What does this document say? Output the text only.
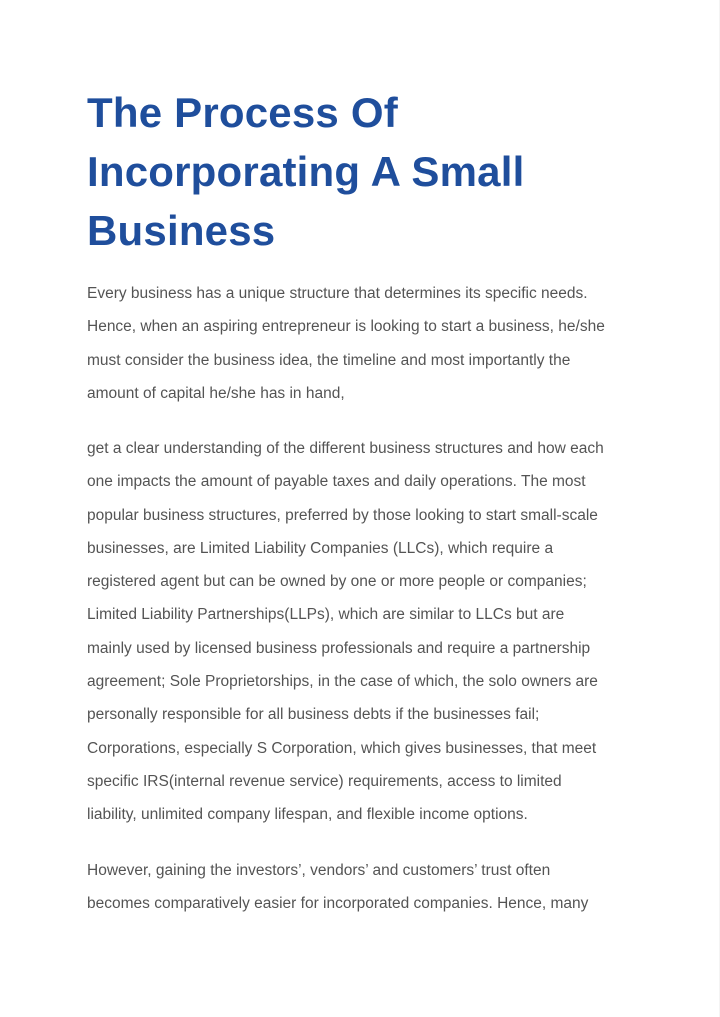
The Process Of
Incorporating A Small
Business

Every business has a unique structure that determines its specific needs.
Hence, when an aspiring entrepreneur is looking to start a business, he/she
must consider the business idea, the timeline and most importantly the
amount of capital he/she has in hand,

get a clear understanding of the different business structures and how each
one impacts the amount of payable taxes and daily operations. The most
popular business structures, preferred by those looking to start small-scale
businesses, are Limited Liability Companies (LLCs), which require a
registered agent but can be owned by one or more people or companies;
Limited Liability Partnerships(LLPs), which are similar to LLCs but are
mainly used by licensed business professionals and require a partnership
agreement; Sole Proprietorships, in the case of which, the solo owners are
personally responsible for all business debts if the businesses fail;
Corporations, especially S Corporation, which gives businesses, that meet
specific IRS(internal revenue service) requirements, access to limited
liability, unlimited company lifespan, and flexible income options.

However, gaining the investors’, vendors’ and customers’ trust often
becomes comparatively easier for incorporated companies. Hence, many
